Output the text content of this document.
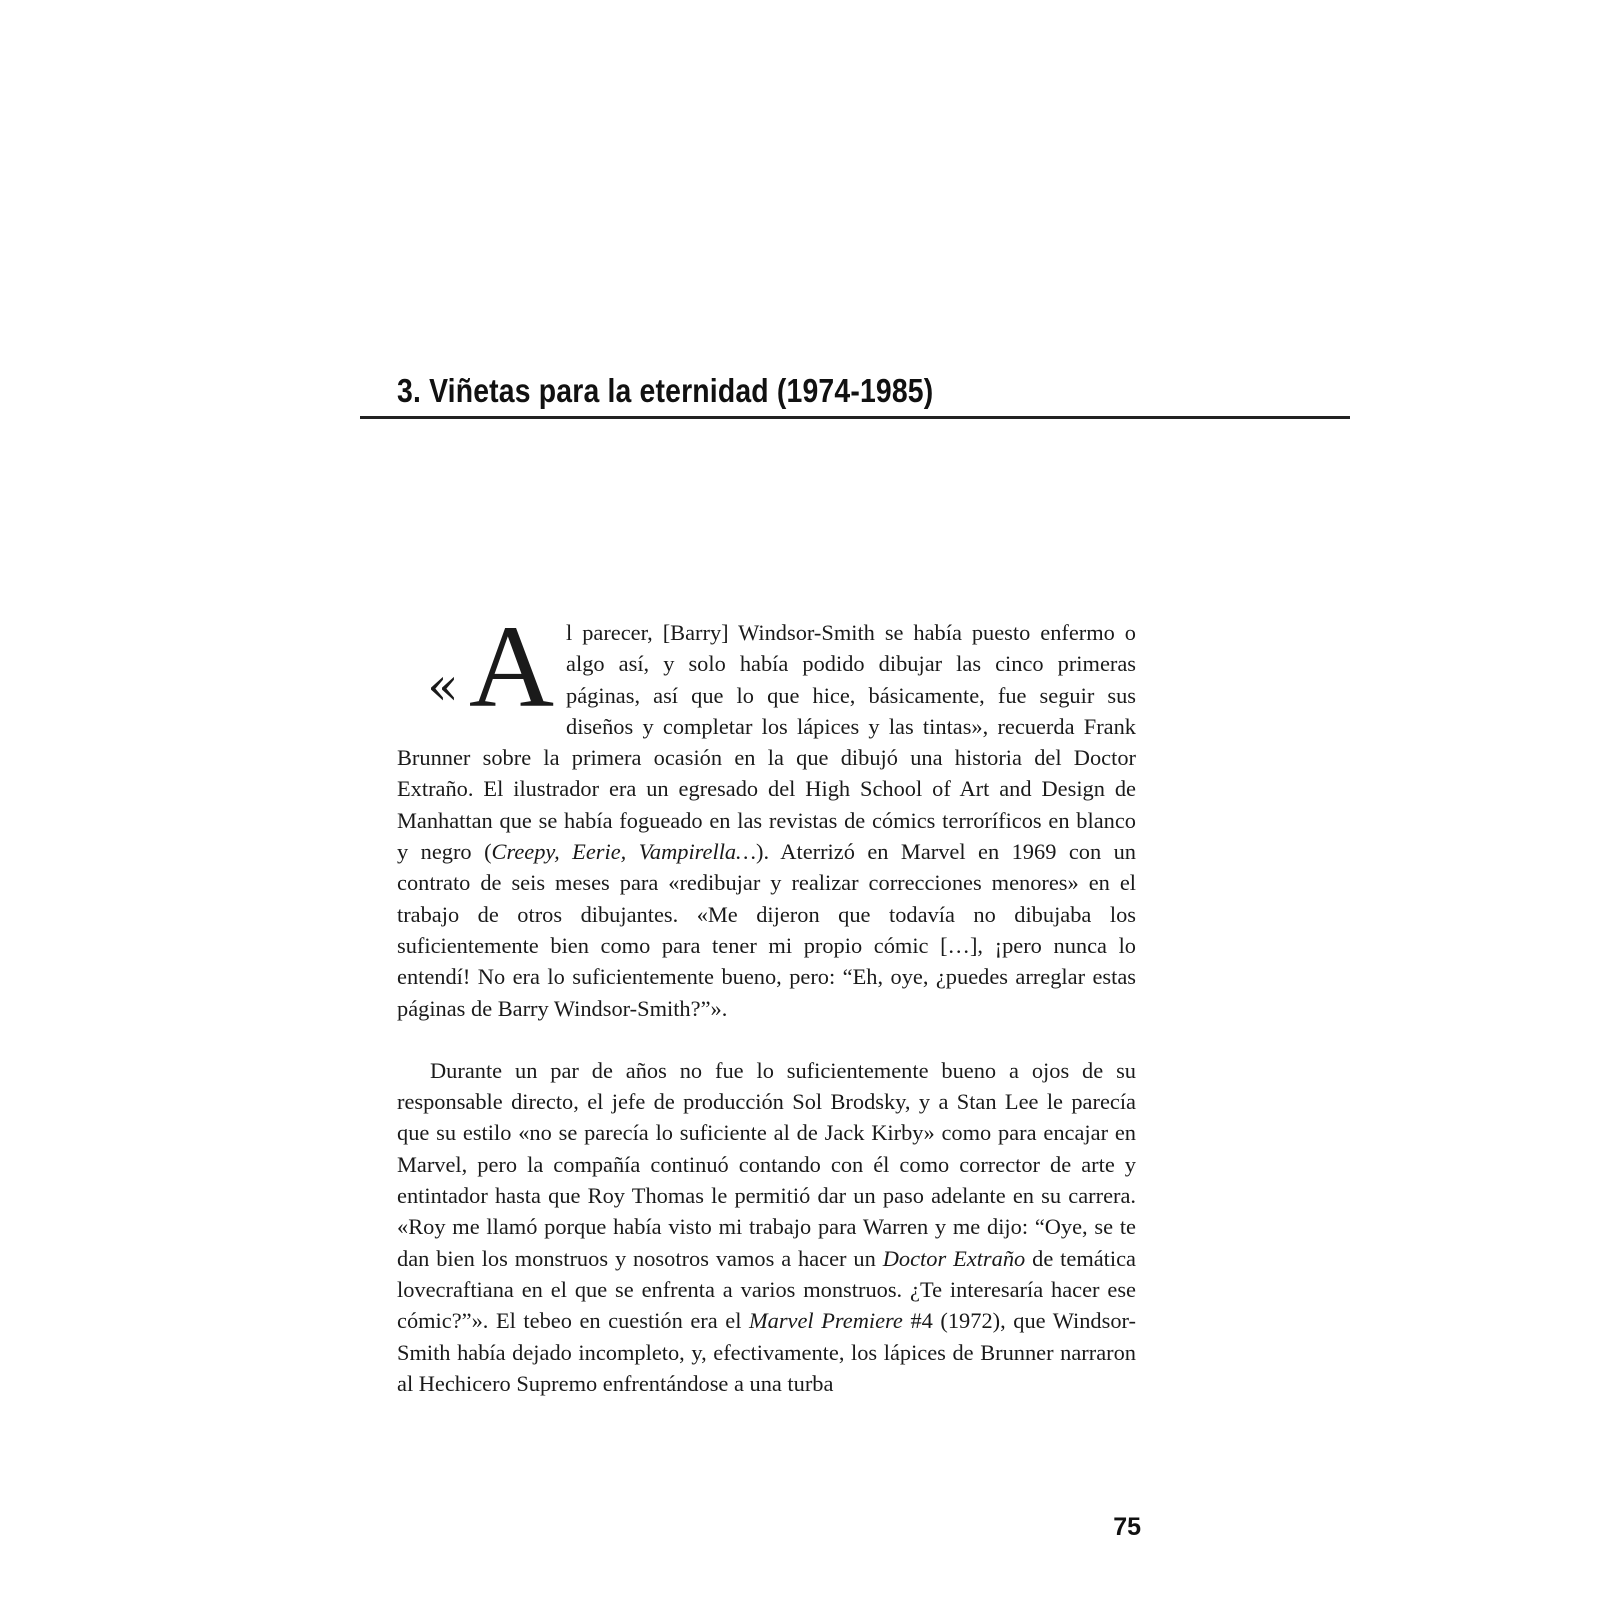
3. Viñetas para la eternidad (1974-1985)

« A l parecer, [Barry] Windsor-Smith se había puesto enfermo o algo así, y solo había podido dibujar las cinco primeras páginas, así que lo que hice, básicamente, fue seguir sus diseños y completar los lápices y las tintas», recuerda Frank Brunner sobre la primera ocasión en la que dibujó una historia del Doctor Extraño. El ilustrador era un egresado del High School of Art and Design de Manhattan que se había fogueado en las revistas de cómics terroríficos en blanco y negro (Creepy, Eerie, Vampirella…). Aterrizó en Marvel en 1969 con un contrato de seis meses para «redibujar y realizar correcciones menores» en el trabajo de otros dibujantes. «Me dijeron que todavía no dibujaba los suficientemente bien como para tener mi propio cómic […], ¡pero nunca lo entendí! No era lo suficientemente bueno, pero: “Eh, oye, ¿puedes arreglar estas páginas de Barry Windsor-Smith?”».

Durante un par de años no fue lo suficientemente bueno a ojos de su responsable directo, el jefe de producción Sol Brodsky, y a Stan Lee le parecía que su estilo «no se parecía lo suficiente al de Jack Kirby» como para encajar en Marvel, pero la compañía continuó contando con él como corrector de arte y entintador hasta que Roy Thomas le permitió dar un paso adelante en su carrera. «Roy me llamó porque había visto mi trabajo para Warren y me dijo: “Oye, se te dan bien los monstruos y nosotros vamos a hacer un Doctor Extraño de temática lovecraftiana en el que se enfrenta a varios monstruos. ¿Te interesaría hacer ese cómic?”». El tebeo en cuestión era el Marvel Premiere #4 (1972), que Windsor-Smith había dejado incompleto, y, efectivamente, los lápices de Brunner narraron al Hechicero Supremo enfrentándose a una turba

75
